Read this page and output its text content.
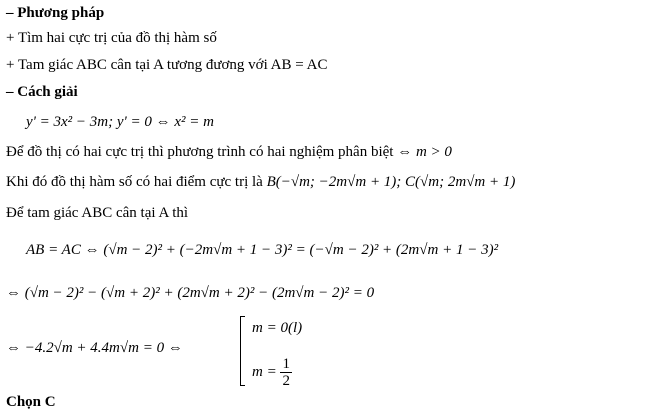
– Phương pháp
+ Tìm hai cực trị của đồ thị hàm số
+ Tam giác ABC cân tại A tương đương với AB = AC
– Cách giải
y' = 3x² − 3m; y' = 0 ⇔ x² = m
Để đồ thị có hai cực trị thì phương trình có hai nghiệm phân biệt ⇔ m > 0
Khi đó đồ thị hàm số có hai điểm cực trị là B(−√m; −2m√m + 1); C(√m; 2m√m + 1)
Để tam giác ABC cân tại A thì
AB = AC ⇔ (√m − 2)² + (−2m√m + 1 − 3)² = (−√m − 2)² + (2m√m + 1 − 3)²
⇔ (√m − 2)² − (√m + 2)² + (2m√m + 2)² − (2m√m − 2)² = 0
⇔ −4.2√m + 4.4m√m = 0 ⇔
m = 0(l)
$m = \frac{1}{2}$
Chọn C
